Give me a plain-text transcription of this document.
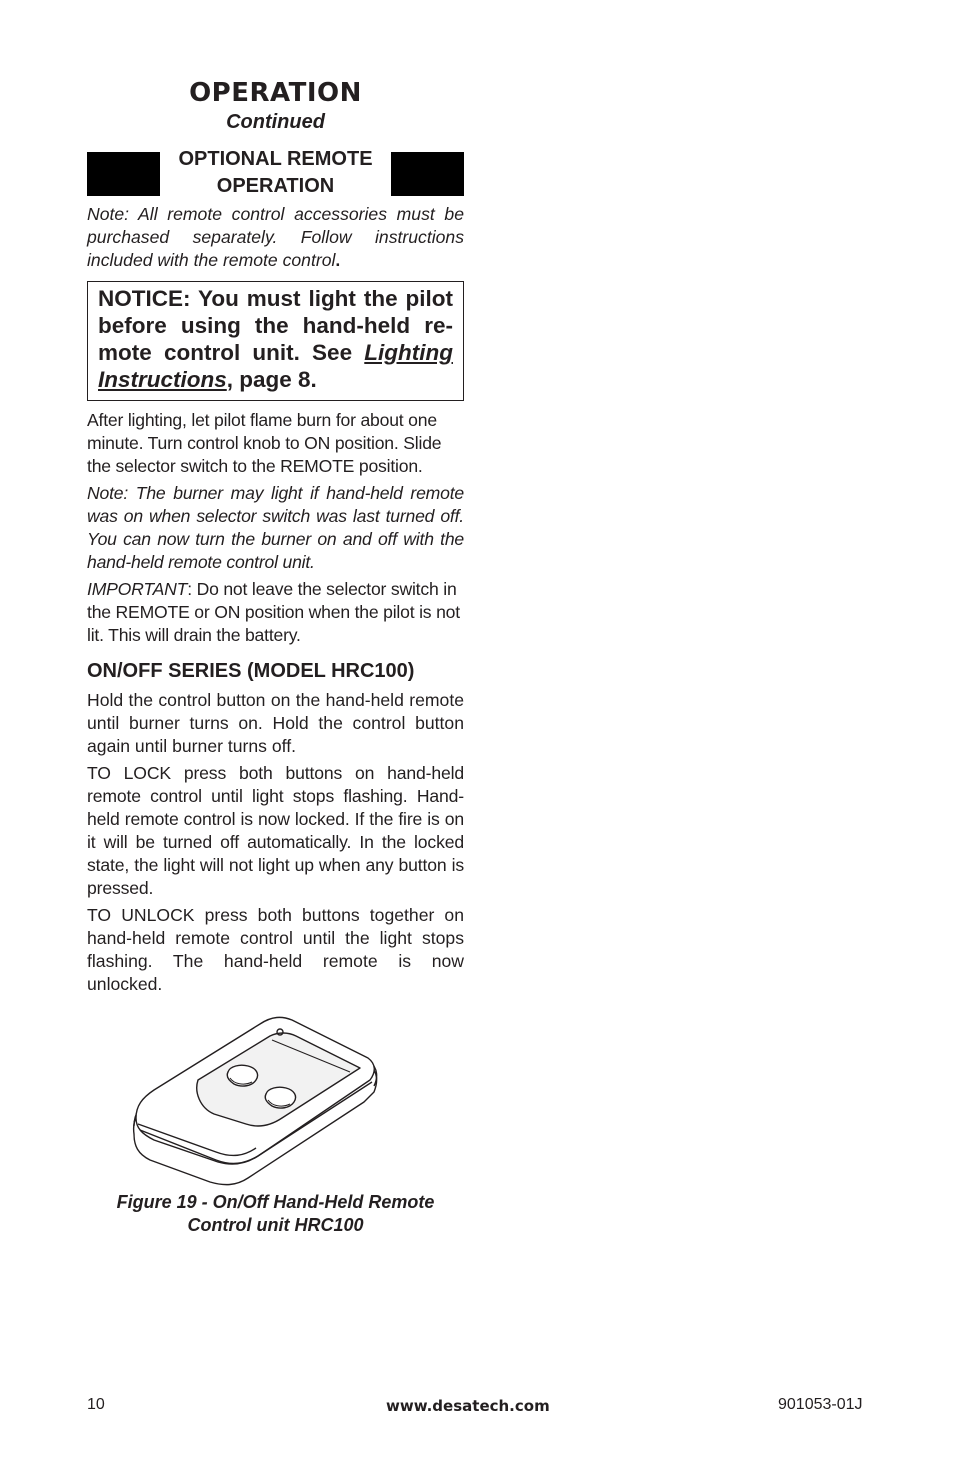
OPERATION
Continued
OPTIONAL REMOTE
OPERATION

Note: All remote control accessories must be purchased separately. Follow instructions included with the remote control.

NOTICE: You must light the pilot before using the hand-held re-mote control unit. See Lighting Instructions, page 8.

After lighting, let pilot flame burn for about one minute. Turn control knob to ON position. Slide the selector switch to the REMOTE position.

Note: The burner may light if hand-held remote was on when selector switch was last turned off. You can now turn the burner on and off with the hand-held remote control unit.

IMPORTANT: Do not leave the selector switch in the REMOTE or ON position when the pilot is not lit. This will drain the battery.

ON/OFF SERIES (MODEL HRC100)

Hold the control button on the hand-held remote until burner turns on. Hold the control button again until burner turns off.

TO LOCK press both buttons on hand-held remote control until light stops flashing. Hand-held remote control is now locked. If the fire is on it will be turned off automatically. In the locked state, the light will not light up when any button is pressed.

TO UNLOCK press both buttons together on hand-held remote control until the light stops flashing. The hand-held remote is now unlocked.

Figure 19 - On/Off Hand-Held Remote
Control unit HRC100
10	www.desatech.com	901053-01J
